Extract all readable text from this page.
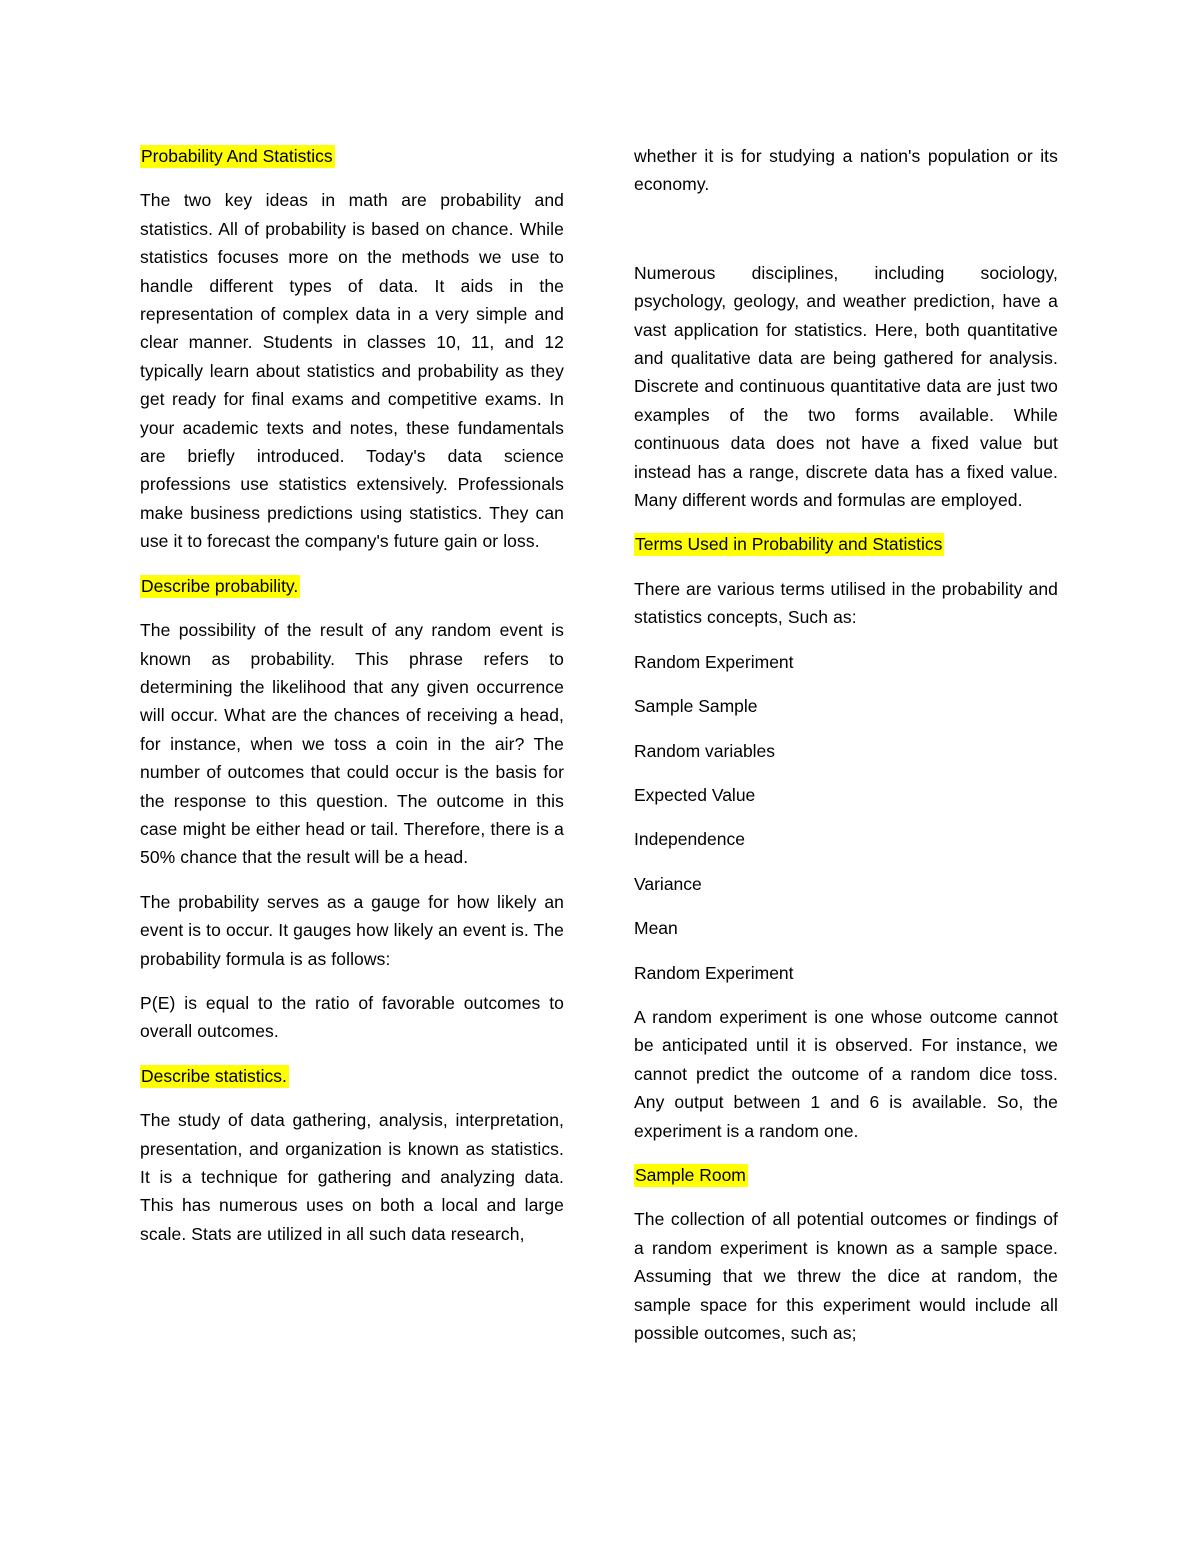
Probability And Statistics

The two key ideas in math are probability and statistics. All of probability is based on chance. While statistics focuses more on the methods we use to handle different types of data. It aids in the representation of complex data in a very simple and clear manner. Students in classes 10, 11, and 12 typically learn about statistics and probability as they get ready for final exams and competitive exams. In your academic texts and notes, these fundamentals are briefly introduced. Today's data science professions use statistics extensively. Professionals make business predictions using statistics. They can use it to forecast the company's future gain or loss.

Describe probability.

The possibility of the result of any random event is known as probability. This phrase refers to determining the likelihood that any given occurrence will occur. What are the chances of receiving a head, for instance, when we toss a coin in the air? The number of outcomes that could occur is the basis for the response to this question. The outcome in this case might be either head or tail. Therefore, there is a 50% chance that the result will be a head.

The probability serves as a gauge for how likely an event is to occur. It gauges how likely an event is. The probability formula is as follows:

P(E) is equal to the ratio of favorable outcomes to overall outcomes.

Describe statistics.

The study of data gathering, analysis, interpretation, presentation, and organization is known as statistics. It is a technique for gathering and analyzing data. This has numerous uses on both a local and large scale. Stats are utilized in all such data research,

whether it is for studying a nation's population or its economy.

Numerous disciplines, including sociology, psychology, geology, and weather prediction, have a vast application for statistics. Here, both quantitative and qualitative data are being gathered for analysis. Discrete and continuous quantitative data are just two examples of the two forms available. While continuous data does not have a fixed value but instead has a range, discrete data has a fixed value. Many different words and formulas are employed.

Terms Used in Probability and Statistics

There are various terms utilised in the probability and statistics concepts, Such as:

Random Experiment

Sample Sample

Random variables

Expected Value

Independence

Variance

Mean

Random Experiment

A random experiment is one whose outcome cannot be anticipated until it is observed. For instance, we cannot predict the outcome of a random dice toss. Any output between 1 and 6 is available. So, the experiment is a random one.

Sample Room

The collection of all potential outcomes or findings of a random experiment is known as a sample space. Assuming that we threw the dice at random, the sample space for this experiment would include all possible outcomes, such as;
